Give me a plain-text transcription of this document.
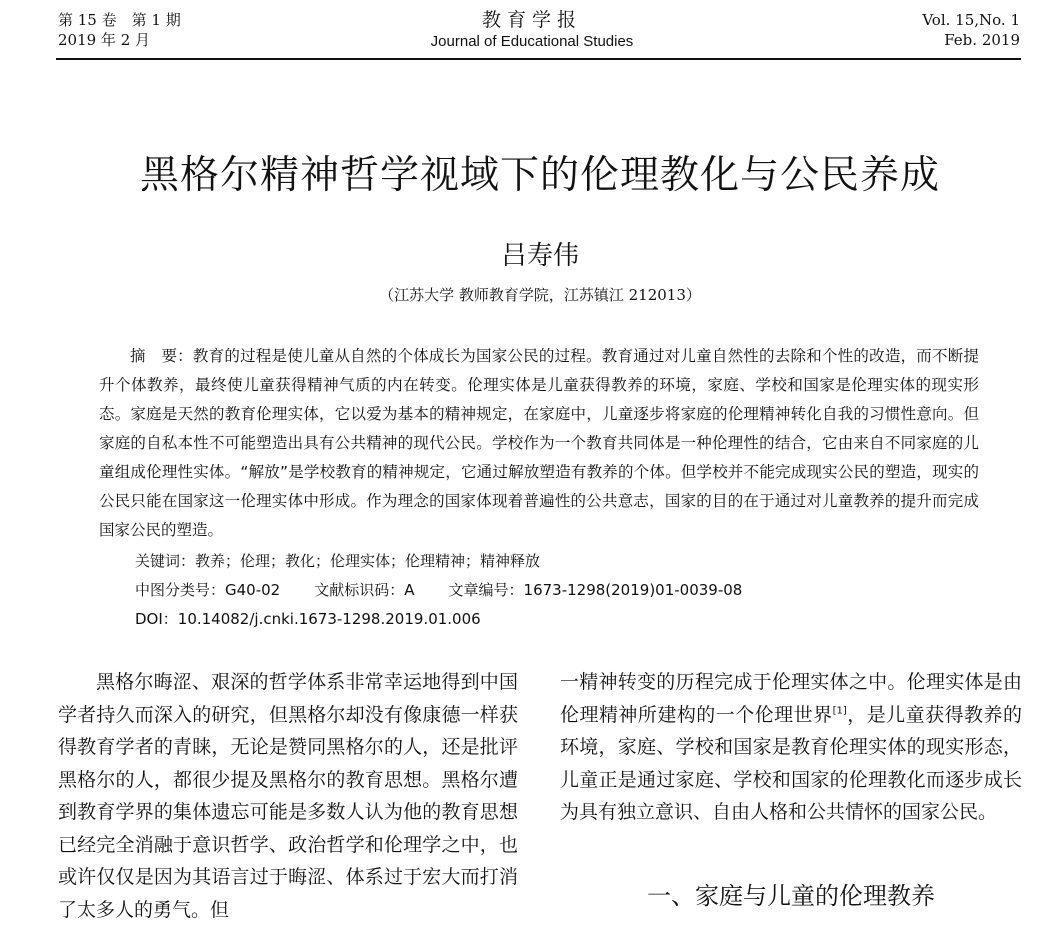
第 15 卷　第 1 期
2019 年 2 月
教育学报
Journal of Educational Studies
Vol. 15,No. 1
Feb. 2019
黑格尔精神哲学视域下的伦理教化与公民养成
吕寿伟
（江苏大学 教师教育学院，江苏镇江 212013）

摘　要：教育的过程是使儿童从自然的个体成长为国家公民的过程。教育通过对儿童自然性的去除和个性的改造，而不断提升个体教养，最终使儿童获得精神气质的内在转变。伦理实体是儿童获得教养的环境，家庭、学校和国家是伦理实体的现实形态。家庭是天然的教育伦理实体，它以爱为基本的精神规定，在家庭中，儿童逐步将家庭的伦理精神转化自我的习惯性意向。但家庭的自私本性不可能塑造出具有公共精神的现代公民。学校作为一个教育共同体是一种伦理性的结合，它由来自不同家庭的儿童组成伦理性实体。“解放”是学校教育的精神规定，它通过解放塑造有教养的个体。但学校并不能完成现实公民的塑造，现实的公民只能在国家这一伦理实体中形成。作为理念的国家体现着普遍性的公共意志，国家的目的在于通过对儿童教养的提升而完成国家公民的塑造。

关键词：教养；伦理；教化；伦理实体；伦理精神；精神释放
中图分类号：G40-02 文献标识码：A 文章编号：1673-1298(2019)01-0039-08
DOI：10.14082/j.cnki.1673-1298.2019.01.006

黑格尔晦涩、艰深的哲学体系非常幸运地得到中国学者持久而深入的研究，但黑格尔却没有像康德一样获得教育学者的青睐，无论是赞同黑格尔的人，还是批评黑格尔的人，都很少提及黑格尔的教育思想。黑格尔遭到教育学界的集体遗忘可能是多数人认为他的教育思想已经完全消融于意识哲学、政治哲学和伦理学之中，也或许仅仅是因为其语言过于晦涩、体系过于宏大而打消了太多人的勇气。但

一精神转变的历程完成于伦理实体之中。伦理实体是由伦理精神所建构的一个伦理世界[1]，是儿童获得教养的环境，家庭、学校和国家是教育伦理实体的现实形态，儿童正是通过家庭、学校和国家的伦理教化而逐步成长为具有独立意识、自由人格和公共情怀的国家公民。

一、家庭与儿童的伦理教养
